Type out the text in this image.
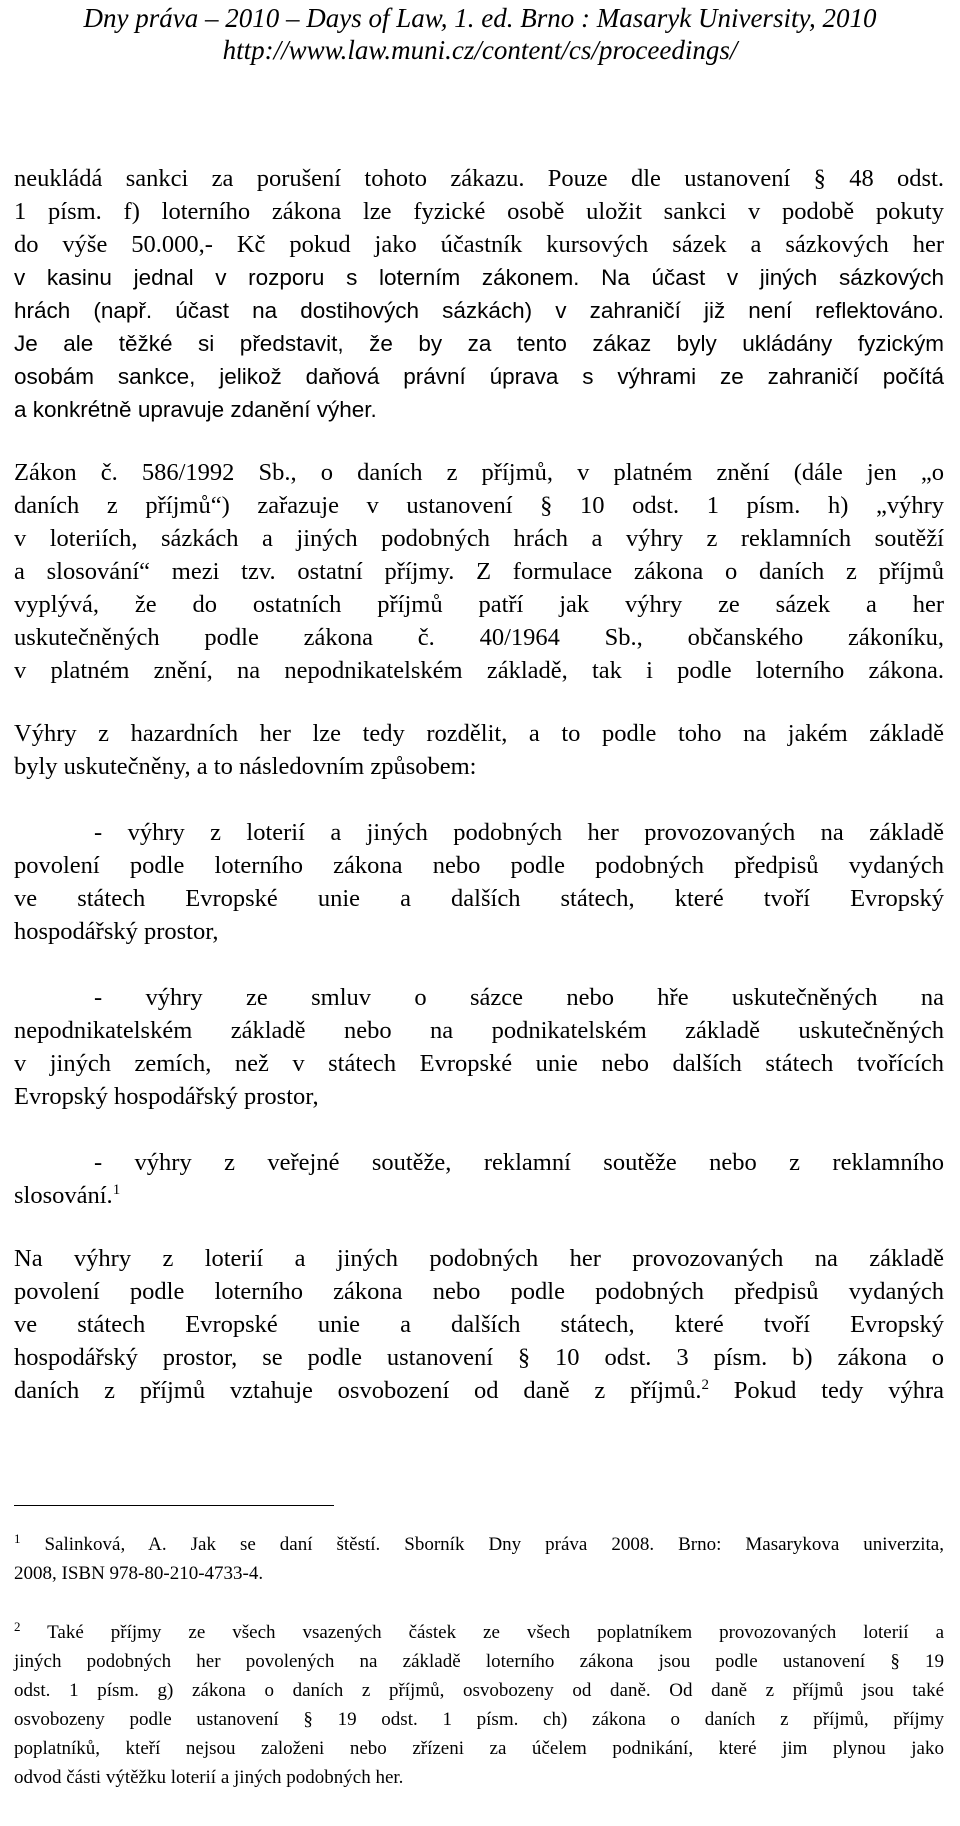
Dny práva – 2010 – Days of Law, 1. ed. Brno : Masaryk University, 2010
http://www.law.muni.cz/content/cs/proceedings/
neukládá sankci za porušení tohoto zákazu. Pouze dle ustanovení § 48 odst.
1 písm. f) loterního zákona lze fyzické osobě uložit sankci v podobě pokuty
do výše 50.000,- Kč pokud jako účastník kursových sázek a sázkových her
v kasinu jednal v rozporu s loterním zákonem. Na účast v jiných sázkových
hrách (např. účast na dostihových sázkách) v zahraničí již není reflektováno.
Je ale těžké si představit, že by za tento zákaz byly ukládány fyzickým
osobám sankce, jelikož daňová právní úprava s výhrami ze zahraničí počítá
a konkrétně upravuje zdanění výher.
Zákon č. 586/1992 Sb., o daních z příjmů, v platném znění (dále jen „o
daních z příjmů“) zařazuje v ustanovení § 10 odst. 1 písm. h) „výhry
v loteriích, sázkách a jiných podobných hrách a výhry z reklamních soutěží
a slosování“ mezi tzv. ostatní příjmy. Z formulace zákona o daních z příjmů
vyplývá, že do ostatních příjmů patří jak výhry ze sázek a her
uskutečněných podle zákona č. 40/1964 Sb., občanského zákoníku,
v platném znění, na nepodnikatelském základě, tak i podle loterního zákona.
Výhry z hazardních her lze tedy rozdělit, a to podle toho na jakém základě
byly uskutečněny, a to následovním způsobem:
- výhry z loterií a jiných podobných her provozovaných na základě
povolení podle loterního zákona nebo podle podobných předpisů vydaných
ve státech Evropské unie a dalších státech, které tvoří Evropský
hospodářský prostor,
- výhry ze smluv o sázce nebo hře uskutečněných na
nepodnikatelském základě nebo na podnikatelském základě uskutečněných
v jiných zemích, než v státech Evropské unie nebo dalších státech tvořících
Evropský hospodářský prostor,
- výhry z veřejné soutěže, reklamní soutěže nebo z reklamního
slosování.$^1$
Na výhry z loterií a jiných podobných her provozovaných na základě
povolení podle loterního zákona nebo podle podobných předpisů vydaných
ve státech Evropské unie a dalších státech, které tvoří Evropský
hospodářský prostor, se podle ustanovení § 10 odst. 3 písm. b) zákona o
daních z příjmů vztahuje osvobození od daně z příjmů.$^2$ Pokud tedy výhra
$^1$ Salinková, A. Jak se daní štěstí. Sborník Dny práva 2008. Brno: Masarykova univerzita,
2008, ISBN 978-80-210-4733-4.
$^2$ Také příjmy ze všech vsazených částek ze všech poplatníkem provozovaných loterií a
jiných podobných her povolených na základě loterního zákona jsou podle ustanovení § 19
odst. 1 písm. g) zákona o daních z příjmů, osvobozeny od daně. Od daně z příjmů jsou také
osvobozeny podle ustanovení § 19 odst. 1 písm. ch) zákona o daních z příjmů, příjmy
poplatníků, kteří nejsou založeni nebo zřízeni za účelem podnikání, které jim plynou jako
odvod části výtěžku loterií a jiných podobných her.
